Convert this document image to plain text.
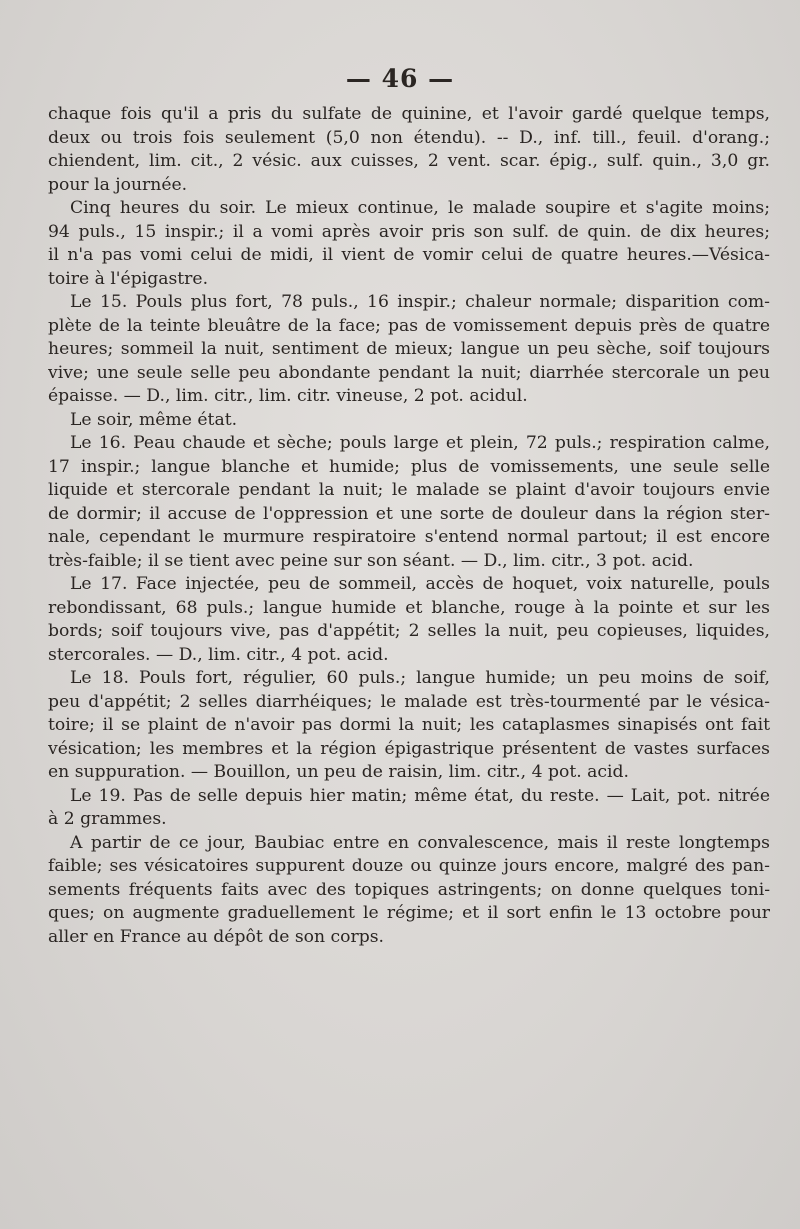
— 46 —
chaque fois qu'il a pris du sulfate de quinine, et l'avoir gardé quelque temps,
deux ou trois fois seulement (5,0 non étendu). -- D., inf. till., feuil. d'orang.;
chiendent, lim. cit., 2 vésic. aux cuisses, 2 vent. scar. épig., sulf. quin., 3,0 gr.
pour la journée.
Cinq heures du soir. Le mieux continue, le malade soupire et s'agite moins;
94 puls., 15 inspir.; il a vomi après avoir pris son sulf. de quin. de dix heures;
il n'a pas vomi celui de midi, il vient de vomir celui de quatre heures.—Vésica-
toire à l'épigastre.
Le 15. Pouls plus fort, 78 puls., 16 inspir.; chaleur normale; disparition com-
plète de la teinte bleuâtre de la face; pas de vomissement depuis près de quatre
heures; sommeil la nuit, sentiment de mieux; langue un peu sèche, soif toujours
vive; une seule selle peu abondante pendant la nuit; diarrhée stercorale un peu
épaisse. — D., lim. citr., lim. citr. vineuse, 2 pot. acidul.
Le soir, même état.
Le 16. Peau chaude et sèche; pouls large et plein, 72 puls.; respiration calme,
17 inspir.; langue blanche et humide; plus de vomissements, une seule selle
liquide et stercorale pendant la nuit; le malade se plaint d'avoir toujours envie
de dormir; il accuse de l'oppression et une sorte de douleur dans la région ster-
nale, cependant le murmure respiratoire s'entend normal partout; il est encore
très-faible; il se tient avec peine sur son séant. — D., lim. citr., 3 pot. acid.
Le 17. Face injectée, peu de sommeil, accès de hoquet, voix naturelle, pouls
rebondissant, 68 puls.; langue humide et blanche, rouge à la pointe et sur les
bords; soif toujours vive, pas d'appétit; 2 selles la nuit, peu copieuses, liquides,
stercorales. — D., lim. citr., 4 pot. acid.
Le 18. Pouls fort, régulier, 60 puls.; langue humide; un peu moins de soif,
peu d'appétit; 2 selles diarrhéiques; le malade est très-tourmenté par le vésica-
toire; il se plaint de n'avoir pas dormi la nuit; les cataplasmes sinapisés ont fait
vésication; les membres et la région épigastrique présentent de vastes surfaces
en suppuration. — Bouillon, un peu de raisin, lim. citr., 4 pot. acid.
Le 19. Pas de selle depuis hier matin; même état, du reste. — Lait, pot. nitrée
à 2 grammes.
A partir de ce jour, Baubiac entre en convalescence, mais il reste longtemps
faible; ses vésicatoires suppurent douze ou quinze jours encore, malgré des pan-
sements fréquents faits avec des topiques astringents; on donne quelques toni-
ques; on augmente graduellement le régime; et il sort enfin le 13 octobre pour
aller en France au dépôt de son corps.
